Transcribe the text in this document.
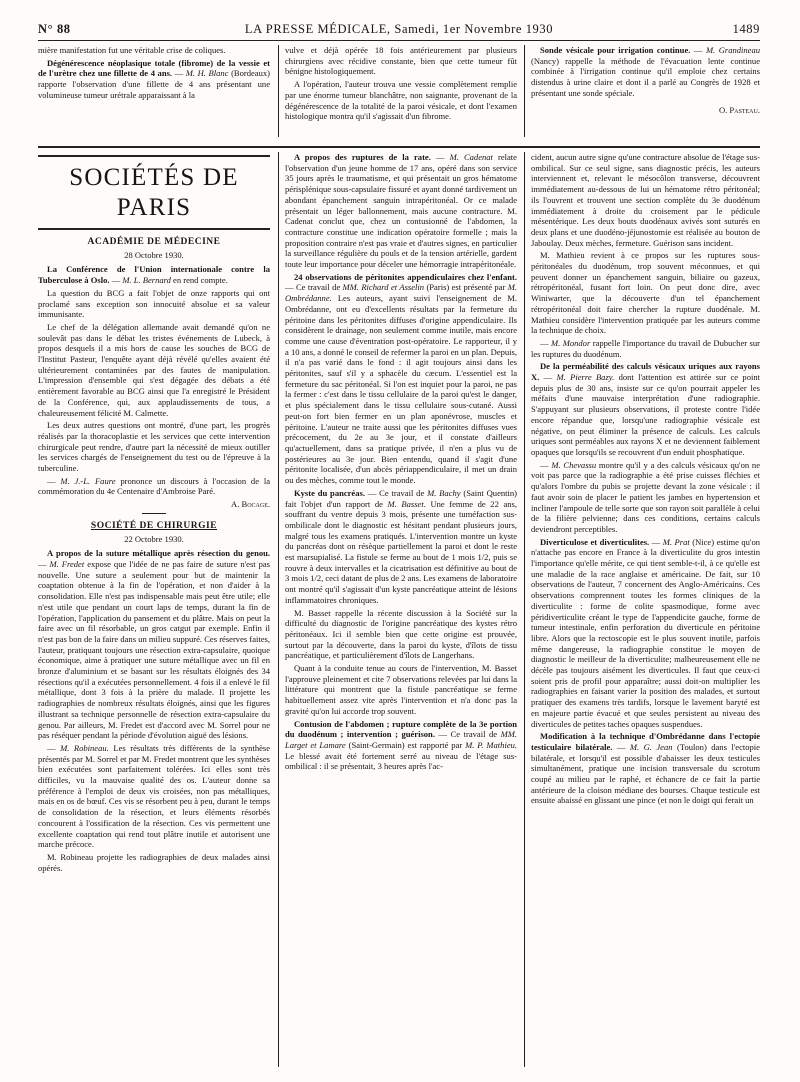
N° 88	LA PRESSE MÉDICALE, Samedi, 1er Novembre 1930	1489

mière manifestation fut une véritable crise de coliques.

Dégénérescence néoplasique totale (fibrome) de la vessie et de l'urètre chez une fillette de 4 ans. — M. H. Blanc (Bordeaux) rapporte l'observation d'une fillette de 4 ans présentant une volumineuse tumeur urétrale apparaissant à la

vulve et déjà opérée 18 fois antérieurement par plusieurs chirurgiens avec récidive constante, bien que cette tumeur fût bénigne histologiquement.

A l'opération, l'auteur trouva une vessie complètement remplie par une énorme tumeur blanchâtre, non saignante, provenant de la dégénérescence de la totalité de la paroi vésicale, et dont l'examen histologique montra qu'il s'agissait d'un fibrome.

Sonde vésicale pour irrigation continue. — M. Grandineau (Nancy) rappelle la méthode de l'évacuation lente continue combinée à l'irrigation continue qu'il emploie chez certains distendus à urine claire et dont il a parlé au Congrès de 1928 et présentant une sonde spéciale.

O. Pasteau.

SOCIÉTÉS DE PARIS
ACADÉMIE DE MÉDECINE
28 Octobre 1930.

La Conférence de l'Union internationale contre la Tuberculose à Oslo. — M. L. Bernard en rend compte.

La question du BCG a fait l'objet de onze rapports qui ont proclamé sans exception son innocuité absolue et sa valeur immunisante.

Le chef de la délégation allemande avait demandé qu'on ne soulevât pas dans le débat les tristes événements de Lubeck, à propos desquels il a mis hors de cause les souches de BCG de l'Institut Pasteur, l'enquête ayant déjà révélé qu'elles avaient été ultérieurement contaminées par des fautes de manipulation. L'impression d'ensemble qui s'est dégagée des débats a été entièrement favorable au BCG ainsi que l'a enregistré le Président de la Conférence, qui, aux applaudissements de tous, a chaleureusement félicité M. Calmette.

Les deux autres questions ont montré, d'une part, les progrès réalisés par la thoracoplastie et les services que cette intervention chirurgicale peut rendre, d'autre part la nécessité de mieux outiller les services chargés de l'enseignement du test ou de l'épreuve à la tuberculine.

— M. J.-L. Faure prononce un discours à l'occasion de la commémoration du 4e Centenaire d'Ambroise Paré.

A. Bocage.

SOCIÉTÉ DE CHIRURGIE
22 Octobre 1930.

A propos de la suture métallique après résection du genou. — M. Fredet expose que l'idée de ne pas faire de suture n'est pas nouvelle. Une suture a seulement pour but de maintenir la coaptation obtenue à la fin de l'opération, et non d'aider à la consolidation. Elle n'est pas indispensable mais peut être utile; elle n'est utile que pendant un court laps de temps, durant la fin de l'opération, l'application du pansement et du plâtre. Mais on peut la faire avec un fil résorbable, un gros catgut par exemple. Enfin il n'est pas bon de la faire dans un milieu suppuré. Ces réserves faites, l'auteur, pratiquant toujours une résection extra-capsulaire, quoique économique, aime à pratiquer une suture métallique avec un fil en bronze d'aluminium et se basant sur les résultats éloignés des 34 résections qu'il a exécutées personnellement. 4 fois il a enlevé le fil métallique, dont 3 fois à la prière du malade. Il projette les radiographies de nombreux résultats éloignés, ainsi que les figures illustrant sa technique personnelle de résection extra-capsulaire du genou. Par ailleurs, M. Fredet est d'accord avec M. Sorrel pour ne pas réséquer pendant la période d'évolution aiguë des lésions.

— M. Robineau. Les résultats très différents de la synthèse présentés par M. Sorrel et par M. Fredet montrent que les synthèses bien exécutées sont parfaitement tolérées. Ici elles sont très difficiles, vu la mauvaise qualité des os. L'auteur donne sa préférence à l'emploi de deux vis croisées, non pas métalliques, mais en os de bœuf. Ces vis se résorbent peu à peu, durant le temps de consolidation de la résection, et leurs éléments résorbés concourent à l'ossification de la résection. Ces vis permettent une excellente coaptation qui rend tout plâtre inutile et autorisent une marche précoce.

M. Robineau projette les radiographies de deux malades ainsi opérés.

A propos des ruptures de la rate. — M. Cadenat relate l'observation d'un jeune homme de 17 ans, opéré dans son service 35 jours après le traumatisme, et qui présentait un gros hématome périsplénique sous-capsulaire fissuré et ayant donné tardivement un abondant épanchement sanguin intrapéritonéal. Or ce malade présentait un léger ballonnement, mais aucune contracture. M. Cadenat conclut que, chez un contusionné de l'abdomen, la contracture constitue une indication opératoire formelle ; mais la proposition contraire n'est pas vraie et d'autres signes, en particulier la surveillance régulière du pouls et de la tension artérielle, gardent toute leur importance pour déceler une hémorragie intrapéritonéale.

24 observations de péritonites appendiculaires chez l'enfant. — Ce travail de MM. Richard et Asselin (Paris) est présenté par M. Ombrédanne. Les auteurs, ayant suivi l'enseignement de M. Ombrédanne, ont eu d'excellents résultats par la fermeture du péritoine dans les péritonites diffuses d'origine appendiculaire. Ils considèrent le drainage, non seulement comme inutile, mais encore comme une cause d'éventration post-opératoire. Le rapporteur, il y a 10 ans, a donné le conseil de refermer la paroi en un plan. Depuis, il n'a pas varié dans le fond : il agit toujours ainsi dans les péritonites, sauf s'il y a sphacèle du cæcum. L'essentiel est la fermeture du sac péritonéal. Si l'on est inquiet pour la paroi, ne pas la fermer : c'est dans le tissu cellulaire de la paroi qu'est le danger, et plus spécialement dans le tissu cellulaire sous-cutané. Aussi peut-on fort bien fermer en un plan aponévrose, muscles et péritoine. L'auteur ne traite aussi que les péritonites diffuses vues précocement, du 2e au 3e jour, et il constate d'ailleurs qu'actuellement, dans sa pratique privée, il n'en a plus vu de postérieures au 3e jour. Bien entendu, quand il s'agit d'une péritonite localisée, d'un abcès périappendiculaire, il met un drain ou des mèches, comme tout le monde.

Kyste du pancréas. — Ce travail de M. Bachy (Saint Quentin) fait l'objet d'un rapport de M. Basset. Une femme de 22 ans, souffrant du ventre depuis 3 mois, présente une tuméfaction sus-ombilicale dont le diagnostic est hésitant pendant plusieurs jours, malgré tous les examens pratiqués. L'intervention montre un kyste du pancréas dont on résèque partiellement la paroi et dont le reste est marsupialisé. La fistule se ferme au bout de 1 mois 1/2, puis se rouvre à deux intervalles et la cicatrisation est définitive au bout de 3 mois 1/2, ceci datant de plus de 2 ans. Les examens de laboratoire ont montré qu'il s'agissait d'un kyste pancréatique atteint de lésions inflammatoires chroniques.

M. Basset rappelle la récente discussion à la Société sur la difficulté du diagnostic de l'origine pancréatique des kystes rétro péritonéaux. Ici il semble bien que cette origine est prouvée, surtout par la découverte, dans la paroi du kyste, d'îlots de tissu pancréatique, et particulièrement d'îlots de Langerhans.

Quant à la conduite tenue au cours de l'intervention, M. Basset l'approuve pleinement et cite 7 observations relevées par lui dans la littérature qui montrent que la fistule pancréatique se ferme habituellement assez vite après l'intervention et n'a donc pas la gravité qu'on lui accorde trop souvent.

Contusion de l'abdomen ; rupture complète de la 3e portion du duodénum ; intervention ; guérison. — Ce travail de MM. Larget et Lamare (Saint-Germain) est rapporté par M. P. Mathieu. Le blessé avait été fortement serré au niveau de l'étage sus-ombilical : il se présentait, 3 heures après l'ac-

cident, aucun autre signe qu'une contracture absolue de l'étage sus-ombilical. Sur ce seul signe, sans diagnostic précis, les auteurs interviennent et, relevant le mésocôlon transverse, découvrent immédiatement au-dessous de lui un hématome rétro péritonéal; ils l'ouvrent et trouvent une section complète du 3e duodénum immédiatement à droite du croisement par le pédicule mésentérique. Les deux bouts duodénaux avivés sont suturés en deux plans et une duodéno-jéjunostomie est réalisée au bouton de Jaboulay. Deux mèches, fermeture. Guérison sans incident.

M. Mathieu revient à ce propos sur les ruptures sous-péritonéales du duodénum, trop souvent méconnues, et qui peuvent donner un épanchement sanguin, biliaire ou gazeux, rétropéritonéal, fusant fort loin. On peut donc dire, avec Winiwarter, que la découverte d'un tel épanchement rétropéritonéal doit faire chercher la rupture duodénale. M. Mathieu considère l'intervention pratiquée par les auteurs comme la technique de choix.

— M. Mondor rappelle l'importance du travail de Dubucher sur les ruptures du duodénum.

De la perméabilité des calculs vésicaux uriques aux rayons X. — M. Pierre Bazy. dont l'attention est attirée sur ce point depuis plus de 30 ans, insiste sur ce qu'on pourrait appeler les méfaits d'une mauvaise interprétation d'une radiographie. S'appuyant sur plusieurs observations, il proteste contre l'idée encore répandue que, lorsqu'une radiographie vésicale est négative, on peut éliminer la présence de calculs. Les calculs uriques sont perméables aux rayons X et ne deviennent faiblement opaques que lorsqu'ils se recouvrent d'un enduit phosphatique.

— M. Chevassu montre qu'il y a des calculs vésicaux qu'on ne voit pas parce que la radiographie a été prise cuisses fléchies et qu'alors l'ombre du pubis se projette devant la zone vésicale : il faut avoir soin de placer le patient les jambes en hypertension et incliner l'ampoule de telle sorte que son rayon soit parallèle à celui de la filière pelvienne; dans ces conditions, certains calculs deviendront perceptibles.

Diverticulose et diverticulites. — M. Prat (Nice) estime qu'on n'attache pas encore en France à la diverticulite du gros intestin l'importance qu'elle mérite, ce qui tient semble-t-il, à ce qu'elle est une maladie de la race anglaise et américaine. De fait, sur 10 observations de l'auteur, 7 concernent des Anglo-Américains. Ces observations comprennent toutes les formes cliniques de la diverticulite : forme de colite spasmodique, forme avec péridiverticulite créant le type de l'appendicite gauche, forme de tumeur intestinale, enfin perforation du diverticule en péritoine libre. Alors que la rectoscopie est le plus souvent inutile, parfois même dangereuse, la radiographie constitue le moyen de diagnostic le meilleur de la diverticulite; malheureusement elle ne décèle pas toujours aisément les diverticules. Il faut que ceux-ci soient pris de profil pour apparaître; aussi doit-on multiplier les radiographies en faisant varier la position des malades, et surtout pratiquer des examens très tardifs, lorsque le lavement baryté est en majeure partie évacué et que seules persistent au niveau des diverticules de petites taches opaques suspendues.

Modification à la technique d'Ombrédanne dans l'ectopie testiculaire bilatérale. — M. G. Jean (Toulon) dans l'ectopie bilatérale, et lorsqu'il est possible d'abaisser les deux testicules simultanément, pratique une incision transversale du scrotum coupé au milieu par le raphé, et échancre de ce fait la partie antérieure de la cloison médiane des bourses. Chaque testicule est ensuite abaissé en glissant une pince (et non le doigt qui ferait un
